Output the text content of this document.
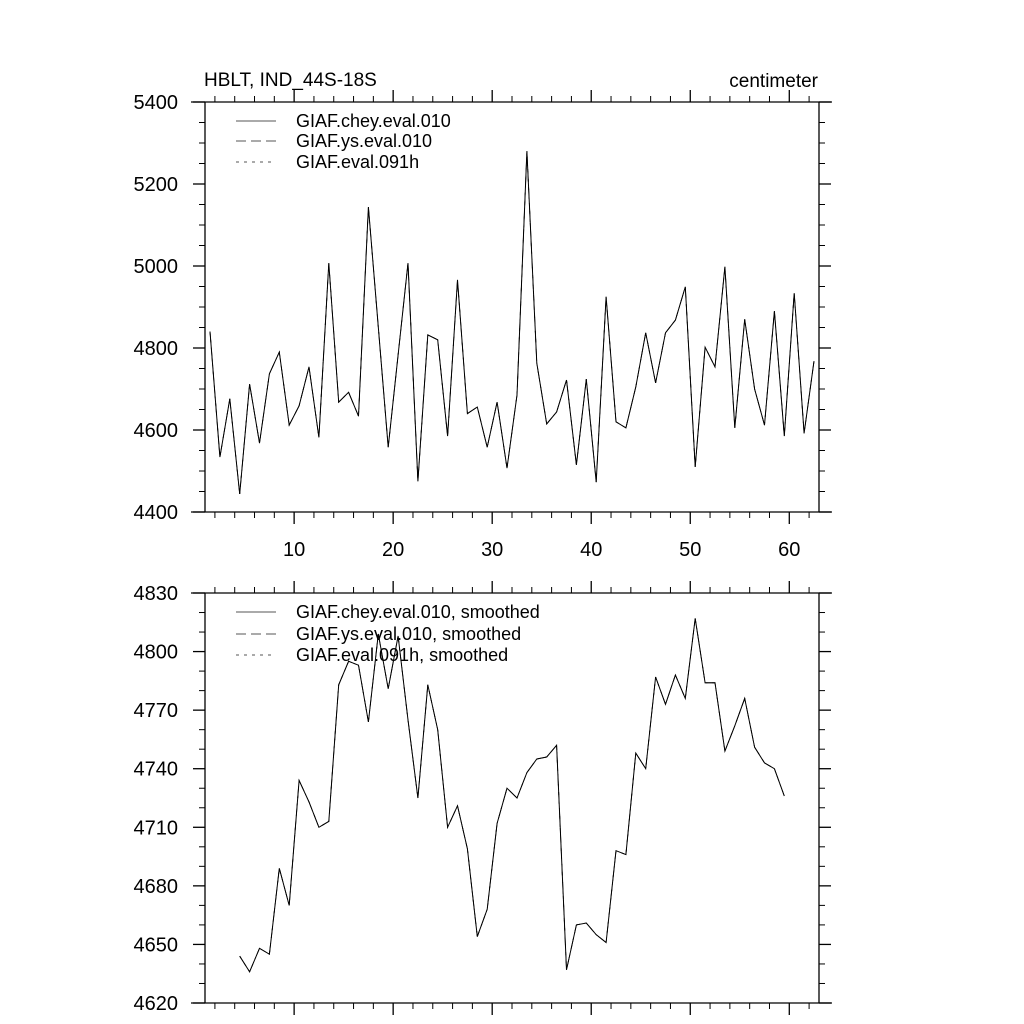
HBLT, IND_44S-18S	centimeter
10	20	30	40	50	60
4400
4600
4800
5000
5200
5400
GIAF.chey.eval.010
GIAF.ys.eval.010
GIAF.eval.091h
4620
4650
4680
4710
4740
4770
4800
4830
GIAF.chey.eval.010, smoothed
GIAF.ys.eval.010, smoothed
GIAF.eval.091h, smoothed
